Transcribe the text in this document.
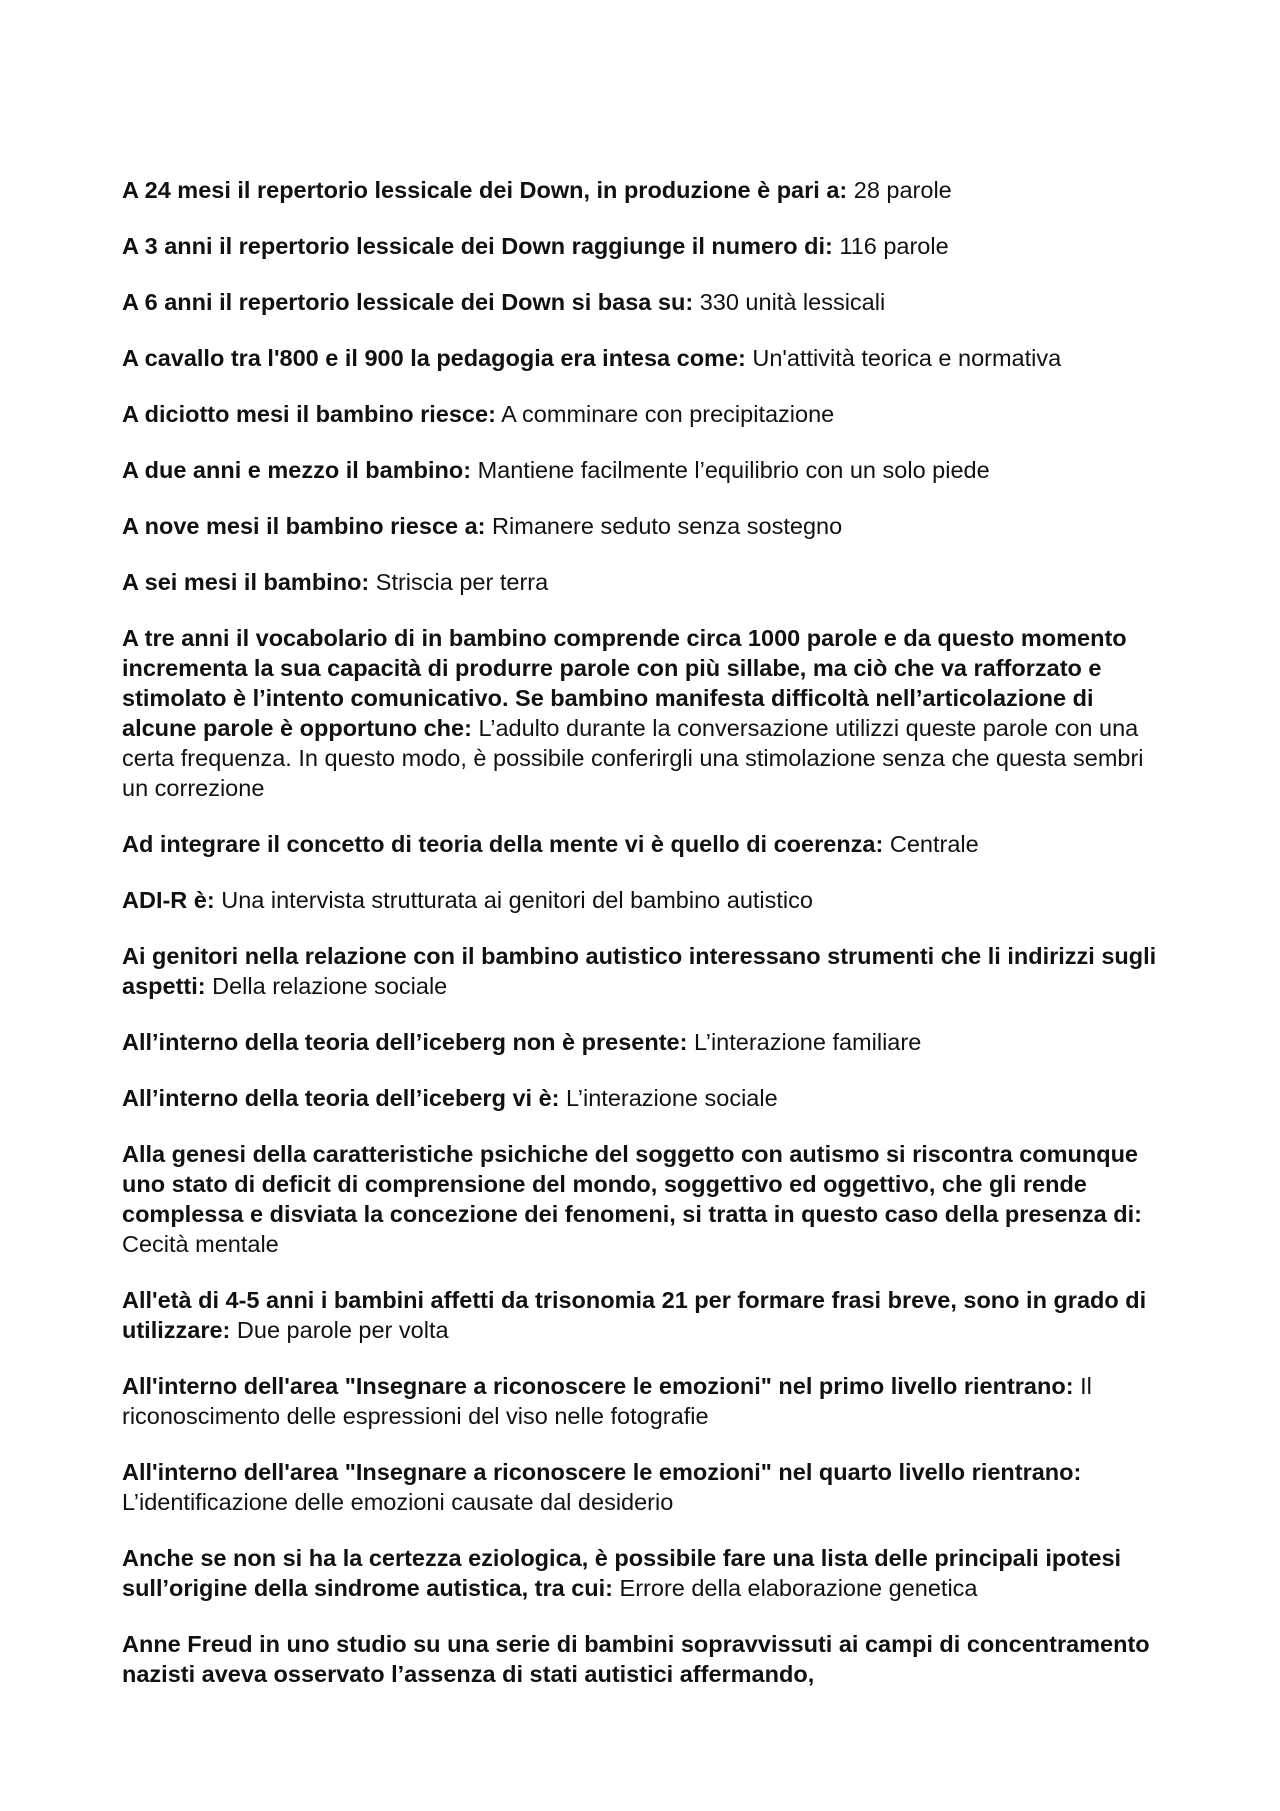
A 24 mesi il repertorio lessicale dei Down, in produzione è pari a: 28 parole

A 3 anni il repertorio lessicale dei Down raggiunge il numero di: 116 parole

A 6 anni il repertorio lessicale dei Down si basa su: 330 unità lessicali

A cavallo tra l'800 e il 900 la pedagogia era intesa come: Un'attività teorica e normativa

A diciotto mesi il bambino riesce: A comminare con precipitazione

A due anni e mezzo il bambino: Mantiene facilmente l’equilibrio con un solo piede

A nove mesi il bambino riesce a: Rimanere seduto senza sostegno

A sei mesi il bambino: Striscia per terra

A tre anni il vocabolario di in bambino comprende circa 1000 parole e da questo momento incrementa la sua capacità di produrre parole con più sillabe, ma ciò che va rafforzato e stimolato è l’intento comunicativo. Se bambino manifesta difficoltà nell’articolazione di alcune parole è opportuno che: L’adulto durante la conversazione utilizzi queste parole con una certa frequenza. In questo modo, è possibile conferirgli una stimolazione senza che questa sembri un correzione

Ad integrare il concetto di teoria della mente vi è quello di coerenza: Centrale

ADI-R è: Una intervista strutturata ai genitori del bambino autistico

Ai genitori nella relazione con il bambino autistico interessano strumenti che li indirizzi sugli aspetti: Della relazione sociale

All’interno della teoria dell’iceberg non è presente: L’interazione familiare

All’interno della teoria dell’iceberg vi è: L’interazione sociale

Alla genesi della caratteristiche psichiche del soggetto con autismo si riscontra comunque uno stato di deficit di comprensione del mondo, soggettivo ed oggettivo, che gli rende complessa e disviata la concezione dei fenomeni, si tratta in questo caso della presenza di: Cecità mentale

All'età di 4-5 anni i bambini affetti da trisonomia 21 per formare frasi breve, sono in grado di utilizzare: Due parole per volta

All'interno dell'area "Insegnare a riconoscere le emozioni" nel primo livello rientrano: Il riconoscimento delle espressioni del viso nelle fotografie

All'interno dell'area "Insegnare a riconoscere le emozioni" nel quarto livello rientrano: L’identificazione delle emozioni causate dal desiderio

Anche se non si ha la certezza eziologica, è possibile fare una lista delle principali ipotesi sull’origine della sindrome autistica, tra cui: Errore della elaborazione genetica

Anne Freud in uno studio su una serie di bambini sopravvissuti ai campi di concentramento nazisti aveva osservato l’assenza di stati autistici affermando,
